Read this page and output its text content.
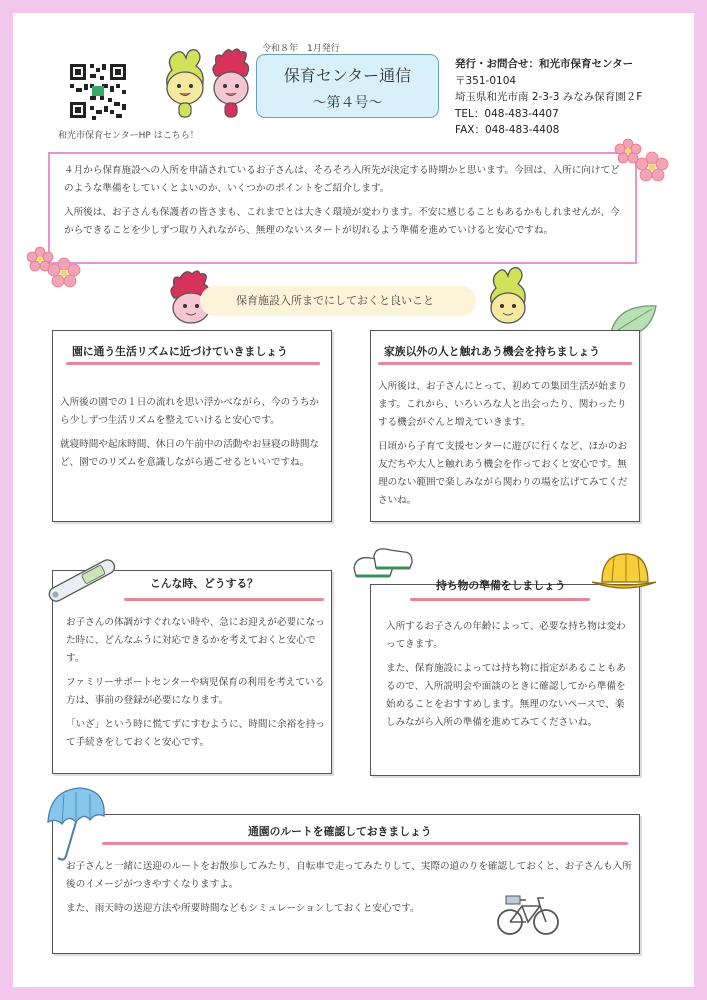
和光市保育センターHP はこちら！
令和８年　1月発行
保育センター通信
～第４号～
発行・お問合せ：和光市保育センター
〒351-0104
埼玉県和光市南 2-3-3 みなみ保育園２F
TEL：048-483-4407
FAX：048-483-4408

４月から保育施設への入所を申請されているお子さんは、そろそろ入所先が決定する時期かと思います。今回は、入所に向けてどのような準備をしていくとよいのか、いくつかのポイントをご紹介します。

入所後は、お子さんも保護者の皆さまも、これまでとは大きく環境が変わります。不安に感じることもあるかもしれませんが、今からできることを少しずつ取り入れながら、無理のないスタートが切れるよう準備を進めていけると安心ですね。

保育施設入所までにしておくと良いこと
園に通う生活リズムに近づけていきましょう

入所後の園での１日の流れを思い浮かべながら、今のうちから少しずつ生活リズムを整えていけると安心です。

就寝時間や起床時間、休日の午前中の活動やお昼寝の時間など、園でのリズムを意識しながら過ごせるといいですね。

家族以外の人と触れあう機会を持ちましょう

入所後は、お子さんにとって、初めての集団生活が始まります。これから、いろいろな人と出会ったり、関わったりする機会がぐんと増えていきます。

日頃から子育て支援センターに遊びに行くなど、ほかのお友だちや大人と触れあう機会を作っておくと安心です。無理のない範囲で楽しみながら関わりの場を広げてみてくださいね。

こんな時、どうする？

お子さんの体調がすぐれない時や、急にお迎えが必要になった時に、どんなふうに対応できるかを考えておくと安心です。

ファミリーサポートセンターや病児保育の利用を考えている方は、事前の登録が必要になります。

「いざ」という時に慌てずにすむように、時間に余裕を持って手続きをしておくと安心です。

持ち物の準備をしましょう

入所するお子さんの年齢によって、必要な持ち物は変わってきます。

また、保育施設によっては持ち物に指定があることもあるので、入所説明会や面談のときに確認してから準備を始めることをおすすめします。無理のないペースで、楽しみながら入所の準備を進めてみてくださいね。

通園のルートを確認しておきましょう

お子さんと一緒に送迎のルートをお散歩してみたり、自転車で走ってみたりして、実際の道のりを確認しておくと、お子さんも入所後のイメージがつきやすくなりますよ。

また、雨天時の送迎方法や所要時間などもシミュレーションしておくと安心です。
